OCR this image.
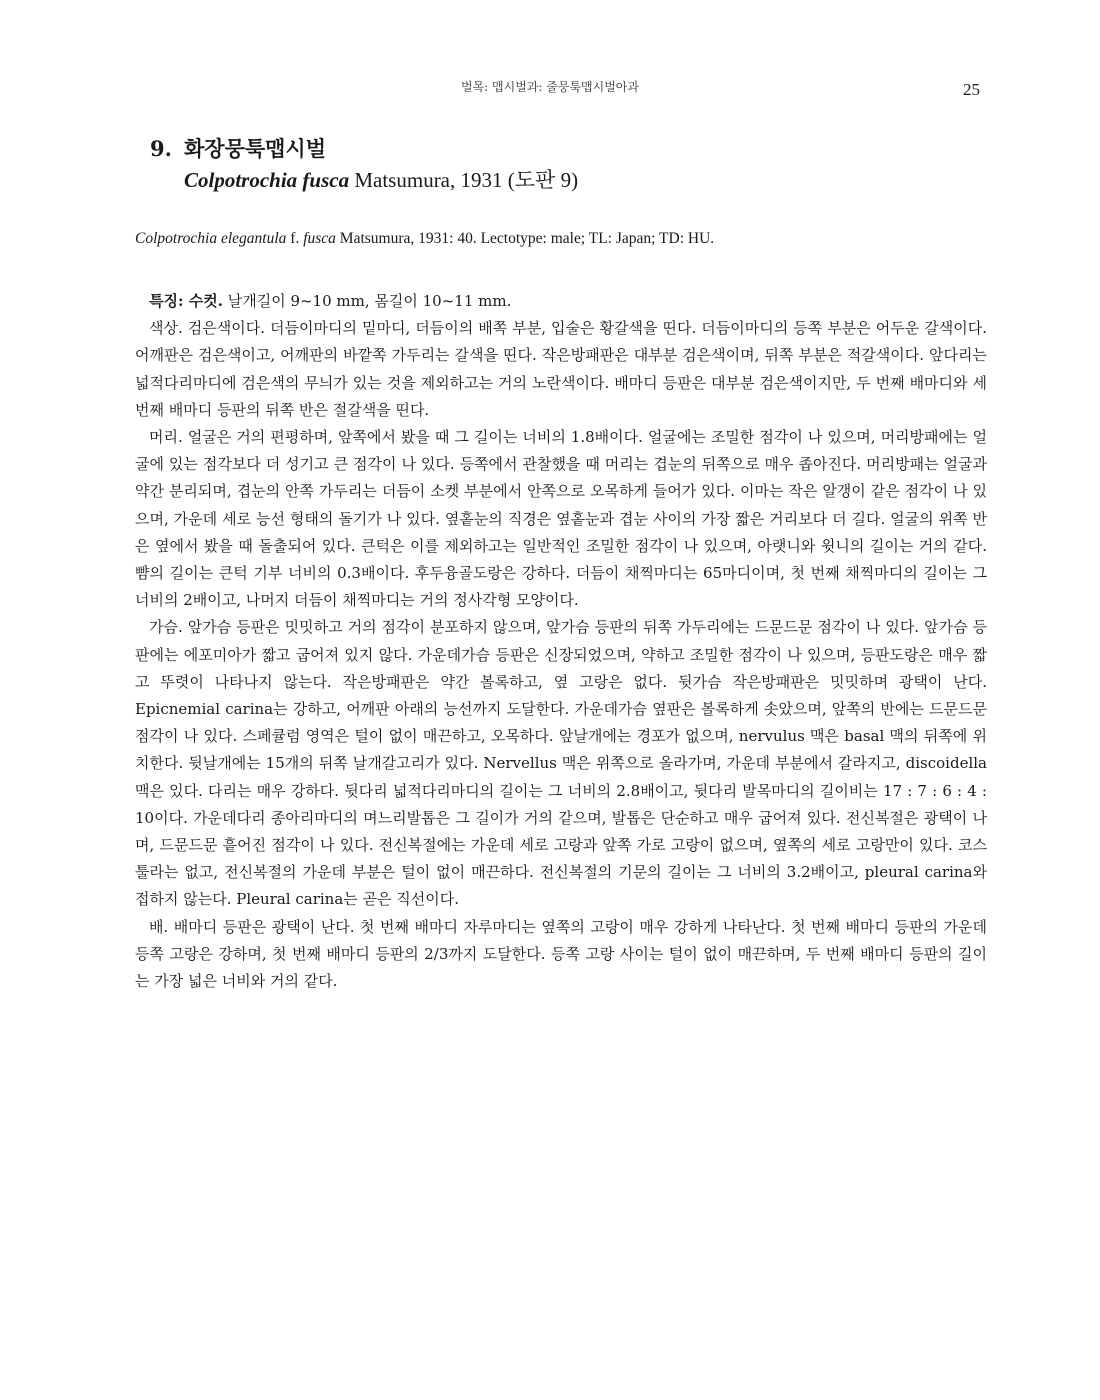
벌목: 맵시벌과: 줄뭉툭맵시벌아과	25
9. 화장뭉툭맵시벌
Colpotrochia fusca Matsumura, 1931 (도판 9)
Colpotrochia elegantula f. fusca Matsumura, 1931: 40. Lectotype: male; TL: Japan; TD: HU.

특징: 수컷. 날개길이 9~10 mm, 몸길이 10~11 mm.

색상. 검은색이다. 더듬이마디의 밑마디, 더듬이의 배쪽 부분, 입술은 황갈색을 띤다. 더듬이마디의 등쪽 부분은 어두운 갈색이다. 어깨판은 검은색이고, 어깨판의 바깥쪽 가두리는 갈색을 띤다. 작은방패판은 대부분 검은색이며, 뒤쪽 부분은 적갈색이다. 앞다리는 넓적다리마디에 검은색의 무늬가 있는 것을 제외하고는 거의 노란색이다. 배마디 등판은 대부분 검은색이지만, 두 번째 배마디와 세 번째 배마디 등판의 뒤쪽 반은 절갈색을 띤다.

머리. 얼굴은 거의 편평하며, 앞쪽에서 봤을 때 그 길이는 너비의 1.8배이다. 얼굴에는 조밀한 점각이 나 있으며, 머리방패에는 얼굴에 있는 점각보다 더 성기고 큰 점각이 나 있다. 등쪽에서 관찰했을 때 머리는 겹눈의 뒤쪽으로 매우 좁아진다. 머리방패는 얼굴과 약간 분리되며, 겹눈의 안쪽 가두리는 더듬이 소켓 부분에서 안쪽으로 오목하게 들어가 있다. 이마는 작은 알갱이 같은 점각이 나 있으며, 가운데 세로 능선 형태의 돌기가 나 있다. 옆홑눈의 직경은 옆홑눈과 겹눈 사이의 가장 짧은 거리보다 더 길다. 얼굴의 위쪽 반은 옆에서 봤을 때 돌출되어 있다. 큰턱은 이를 제외하고는 일반적인 조밀한 점각이 나 있으며, 아랫니와 윗니의 길이는 거의 같다. 뺨의 길이는 큰턱 기부 너비의 0.3배이다. 후두융골도랑은 강하다. 더듬이 채찍마디는 65마디이며, 첫 번째 채찍마디의 길이는 그 너비의 2배이고, 나머지 더듬이 채찍마디는 거의 정사각형 모양이다.

가슴. 앞가슴 등판은 밋밋하고 거의 점각이 분포하지 않으며, 앞가슴 등판의 뒤쪽 가두리에는 드문드문 점각이 나 있다. 앞가슴 등판에는 에포미아가 짧고 굽어져 있지 않다. 가운데가슴 등판은 신장되었으며, 약하고 조밀한 점각이 나 있으며, 등판도랑은 매우 짧고 뚜렷이 나타나지 않는다. 작은방패판은 약간 볼록하고, 옆 고랑은 없다. 뒷가슴 작은방패판은 밋밋하며 광택이 난다. Epicnemial carina는 강하고, 어깨판 아래의 능선까지 도달한다. 가운데가슴 옆판은 볼록하게 솟았으며, 앞쪽의 반에는 드문드문 점각이 나 있다. 스페큘럼 영역은 털이 없이 매끈하고, 오목하다. 앞날개에는 경포가 없으며, nervulus 맥은 basal 맥의 뒤쪽에 위치한다. 뒷날개에는 15개의 뒤쪽 날개갈고리가 있다. Nervellus 맥은 위쪽으로 올라가며, 가운데 부분에서 갈라지고, discoidella 맥은 있다. 다리는 매우 강하다. 뒷다리 넓적다리마디의 길이는 그 너비의 2.8배이고, 뒷다리 발목마디의 길이비는 17 : 7 : 6 : 4 : 10이다. 가운데다리 종아리마디의 며느리발톱은 그 길이가 거의 같으며, 발톱은 단순하고 매우 굽어져 있다. 전신복절은 광택이 나며, 드문드문 흩어진 점각이 나 있다. 전신복절에는 가운데 세로 고랑과 앞쪽 가로 고랑이 없으며, 옆쪽의 세로 고랑만이 있다. 코스툴라는 없고, 전신복절의 가운데 부분은 털이 없이 매끈하다. 전신복절의 기문의 길이는 그 너비의 3.2배이고, pleural carina와 접하지 않는다. Pleural carina는 곧은 직선이다.

배. 배마디 등판은 광택이 난다. 첫 번째 배마디 자루마디는 옆쪽의 고랑이 매우 강하게 나타난다. 첫 번째 배마디 등판의 가운데 등쪽 고랑은 강하며, 첫 번째 배마디 등판의 2/3까지 도달한다. 등쪽 고랑 사이는 털이 없이 매끈하며, 두 번째 배마디 등판의 길이는 가장 넓은 너비와 거의 같다.
